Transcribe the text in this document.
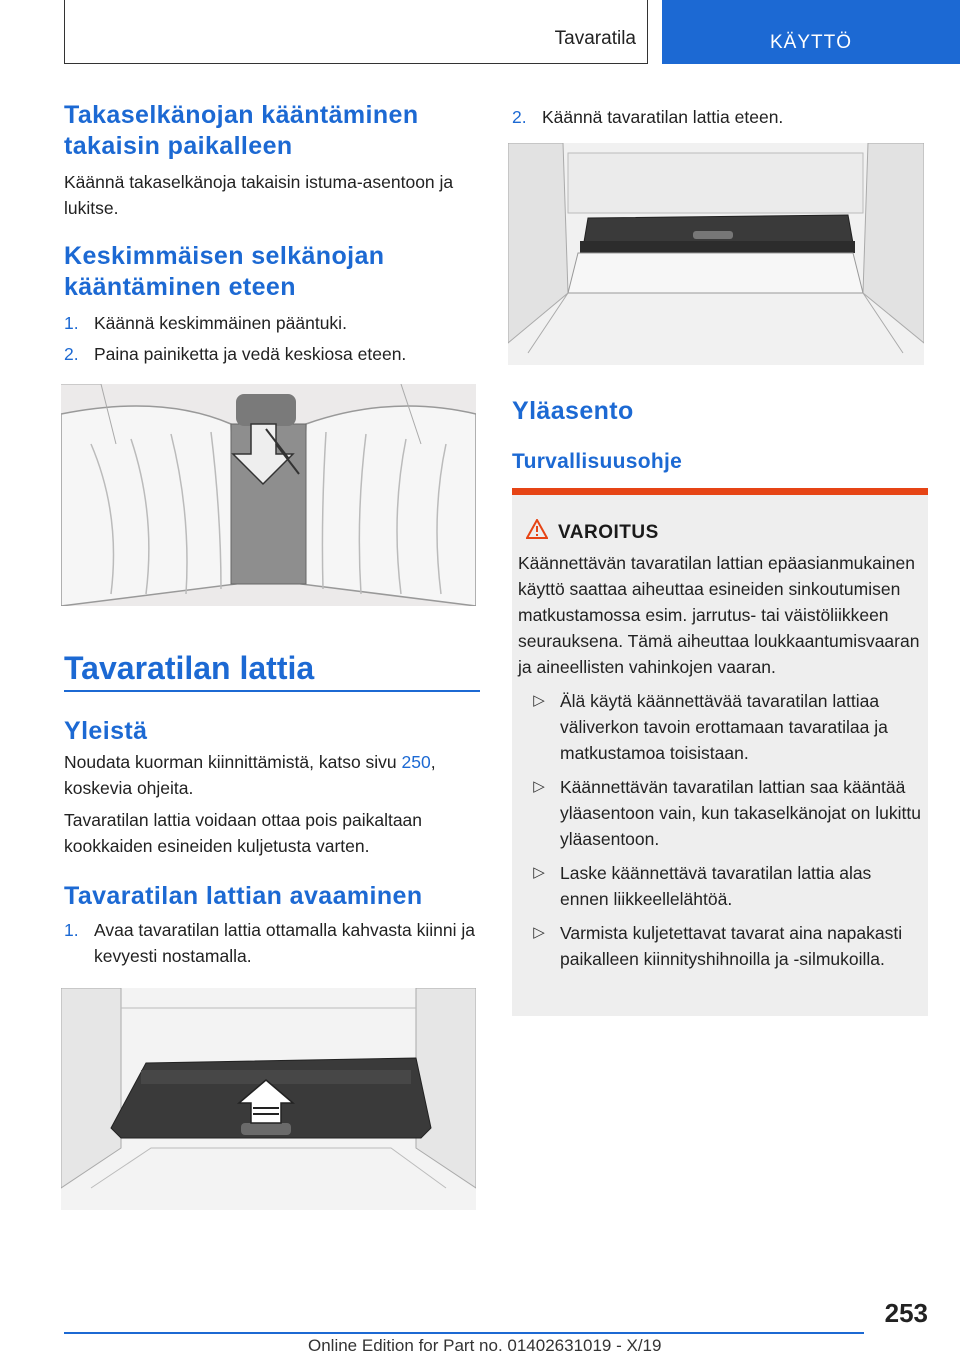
Tavaratila	KÄYTTÖ
Takaselkänojan kääntäminen takaisin paikalleen

Käännä takaselkänoja takaisin istuma-asentoon ja lukitse.

Keskimmäisen selkänojan kääntäminen eteen
1. Käännä keskimmäinen pääntuki.
2. Paina painiketta ja vedä keskiosa eteen.
Tavaratilan lattia
Yleistä

Noudata kuorman kiinnittämistä, katso sivu 250, koskevia ohjeita.

Tavaratilan lattia voidaan ottaa pois paikaltaan kookkaiden esineiden kuljetusta varten.

Tavaratilan lattian avaaminen
1. Avaa tavaratilan lattia ottamalla kahvasta kiinni ja kevyesti nostamalla.
2. Käännä tavaratilan lattia eteen.
Yläasento
Turvallisuusohje
VAROITUS
Käännettävän tavaratilan lattian epäasianmukainen käyttö saattaa aiheuttaa esineiden sinkoutumisen matkustamossa esim. jarrutus- tai väistöliikkeen seurauksena. Tämä aiheuttaa loukkaantumisvaaran ja aineellisten vahinkojen vaaran.
▷ Älä käytä käännettävää tavaratilan lattiaa väliverkon tavoin erottamaan tavaratilaa ja matkustamoa toisistaan.
▷ Käännettävän tavaratilan lattian saa kääntää yläasentoon vain, kun takaselkänojat on lukittu yläasentoon.
▷ Laske käännettävä tavaratilan lattia alas ennen liikkeellelähtöä.
▷ Varmista kuljetettavat tavarat aina napakasti paikalleen kiinnityshihnoilla ja -silmukoilla.
253
Online Edition for Part no. 01402631019 - X/19
